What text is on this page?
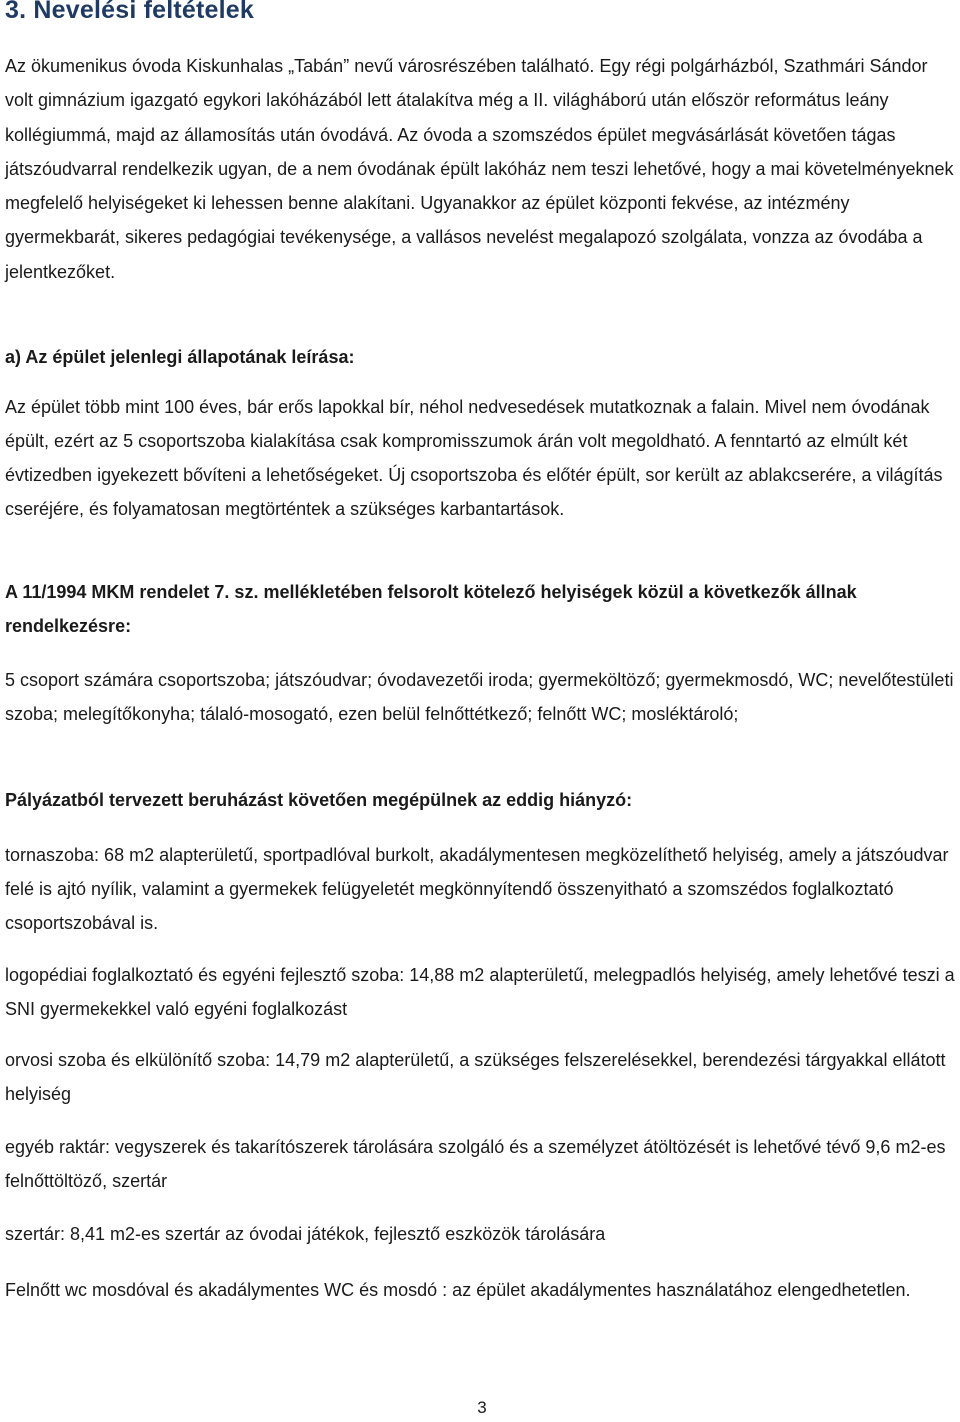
3. Nevelési feltételek

Az ökumenikus óvoda Kiskunhalas „Tabán” nevű városrészében található. Egy régi polgárházból, Szathmári Sándor volt gimnázium igazgató egykori lakóházából lett átalakítva még a II. világháború után először református leány kollégiummá, majd az államosítás után óvodává. Az óvoda a szomszédos épület megvásárlását követően tágas játszóudvarral rendelkezik ugyan, de a nem óvodának épült lakóház nem teszi lehetővé, hogy a mai követelményeknek megfelelő helyiségeket ki lehessen benne alakítani. Ugyanakkor az épület központi fekvése, az intézmény gyermekbarát, sikeres pedagógiai tevékenysége, a vallásos nevelést megalapozó szolgálata, vonzza az óvodába a jelentkezőket.

a) Az épület jelenlegi állapotának leírása:

Az épület több mint 100 éves, bár erős lapokkal bír, néhol nedvesedések mutatkoznak a falain. Mivel nem óvodának épült, ezért az 5 csoportszoba kialakítása csak kompromisszumok árán volt megoldható. A fenntartó az elmúlt két évtizedben igyekezett bővíteni a lehetőségeket. Új csoportszoba és előtér épült, sor került az ablakcserére, a világítás cseréjére, és folyamatosan megtörténtek a szükséges karbantartások.

A 11/1994 MKM rendelet 7. sz. mellékletében felsorolt kötelező helyiségek közül a következők állnak rendelkezésre:

5 csoport számára csoportszoba; játszóudvar; óvodavezetői iroda; gyermeköltöző; gyermekmosdó, WC; nevelőtestületi szoba; melegítőkonyha; tálaló-mosogató, ezen belül felnőttétkező; felnőtt WC; mosléktároló;

Pályázatból tervezett beruházást követően megépülnek az eddig hiányzó:

tornaszoba: 68 m2 alapterületű, sportpadlóval burkolt, akadálymentesen megközelíthető helyiség, amely a játszóudvar felé is ajtó nyílik, valamint a gyermekek felügyeletét megkönnyítendő összenyitható a szomszédos foglalkoztató csoportszobával is.

logopédiai foglalkoztató és egyéni fejlesztő szoba: 14,88 m2 alapterületű, melegpadlós helyiség, amely lehetővé teszi a SNI gyermekekkel való egyéni foglalkozást

orvosi szoba és elkülönítő szoba: 14,79 m2 alapterületű, a szükséges felszerelésekkel, berendezési tárgyakkal ellátott helyiség

egyéb raktár: vegyszerek és takarítószerek tárolására szolgáló és a személyzet átöltözését is lehetővé tévő 9,6 m2-es felnőttöltöző, szertár

szertár: 8,41 m2-es szertár az óvodai játékok, fejlesztő eszközök tárolására

Felnőtt wc mosdóval és akadálymentes WC és mosdó : az épület akadálymentes használatához elengedhetetlen.

3
